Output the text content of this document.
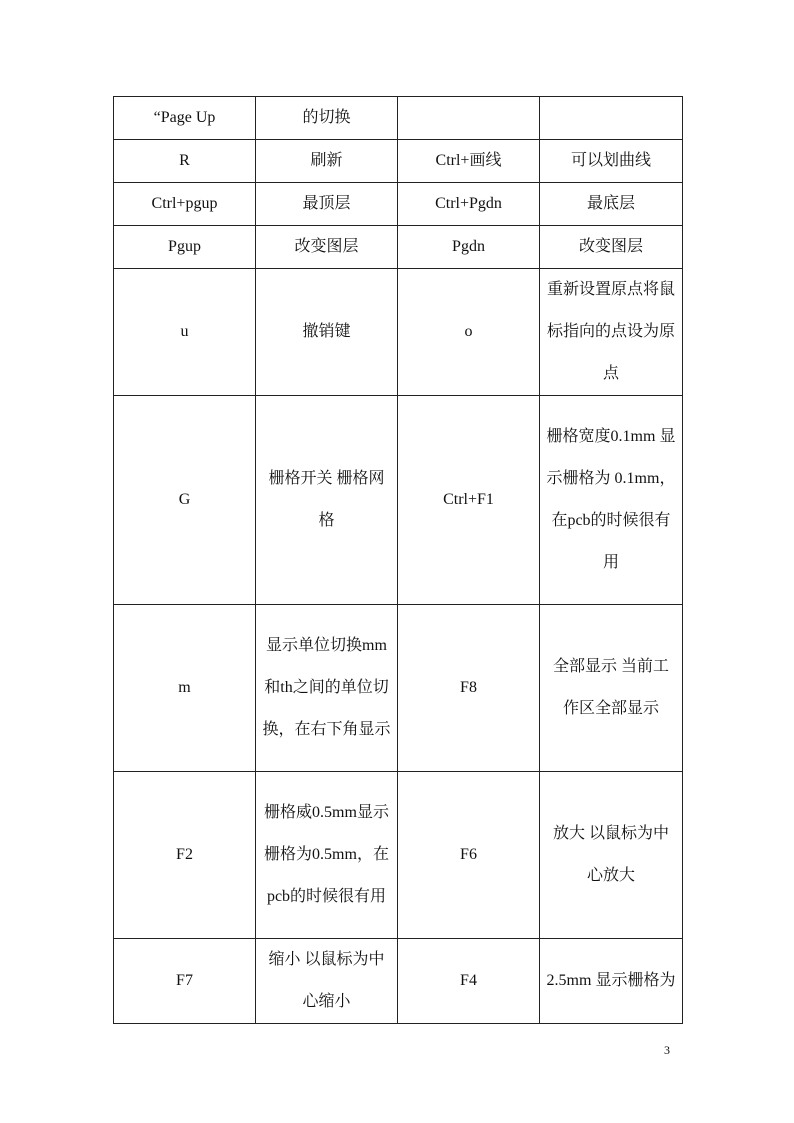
“Page Up	的切换		
R	刷新	Ctrl+画线	可以划曲线
Ctrl+pgup	最顶层	Ctrl+Pgdn	最底层
Pgup	改变图层	Pgdn	改变图层
u	撤销键	o	重新设置原点将鼠标指向的点设为原点
G	栅格开关 栅格网格	Ctrl+F1	栅格宽度0.1mm 显示栅格为 0.1mm，在pcb的时候很有用
m	显示单位切换mm和th之间的单位切换，在右下角显示	F8	全部显示 当前工作区全部显示
F2	栅格威0.5mm显示栅格为0.5mm，在pcb的时候很有用	F6	放大 以鼠标为中心放大
F7	缩小 以鼠标为中心缩小	F4	2.5mm 显示栅格为
3
